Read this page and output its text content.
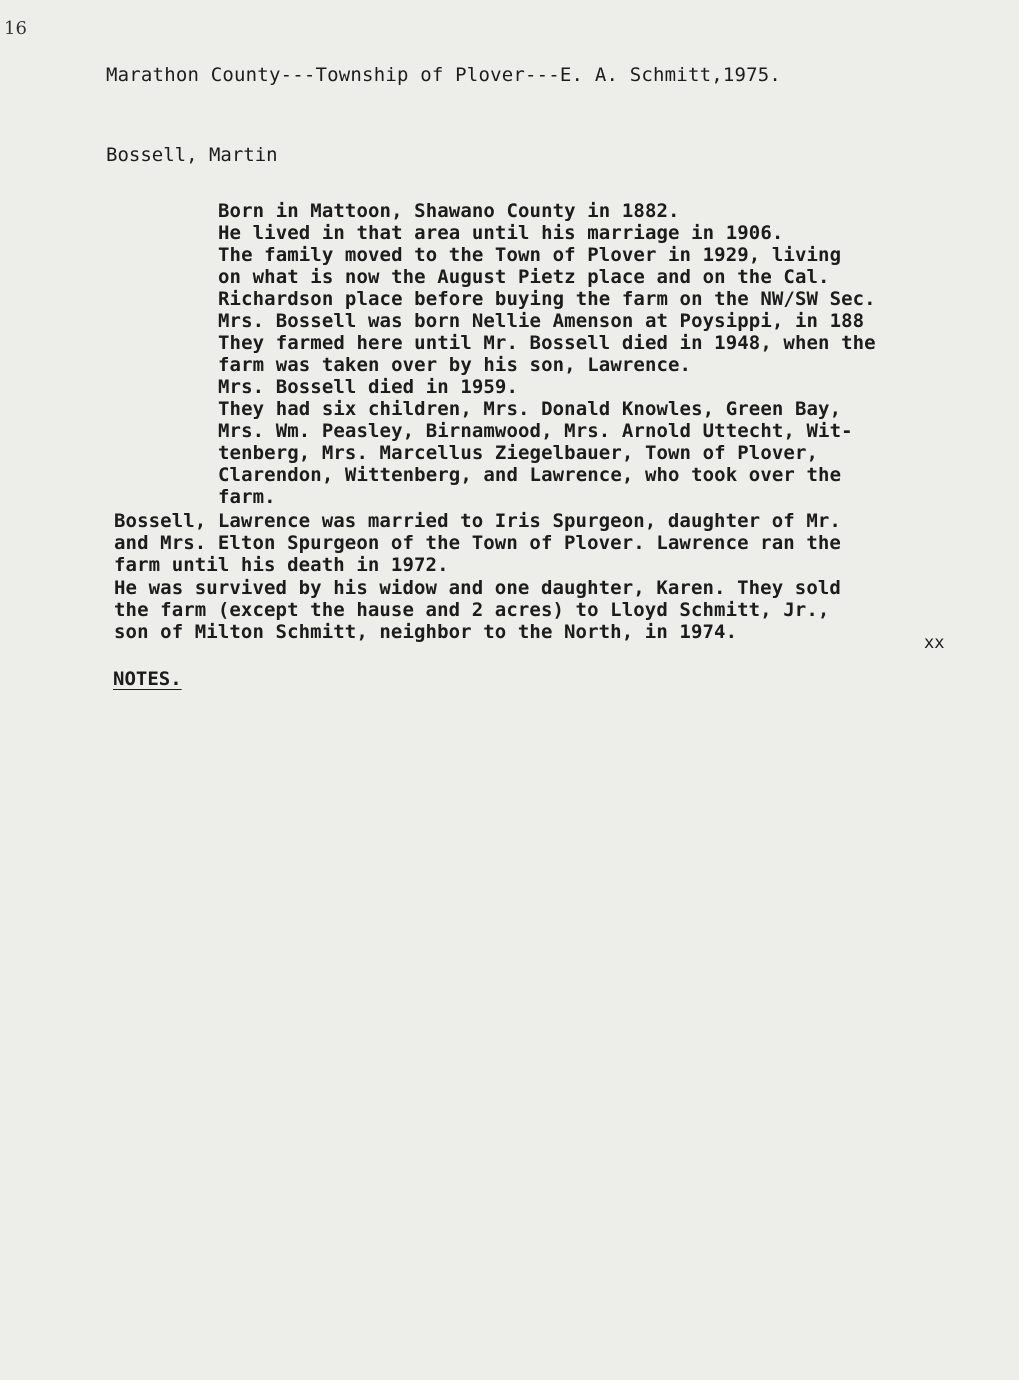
16
Marathon County---Township of Plover---E. A. Schmitt,1975.
Bossell, Martin
Born in Mattoon, Shawano County in 1882.
He lived in that area until his marriage in 1906.
The family moved to the Town of Plover in 1929, living
on what is now the August Pietz place and on the Cal.
Richardson place before buying the farm on the NW/SW Sec.
Mrs. Bossell was born Nellie Amenson at Poysippi, in 188
They farmed here until Mr. Bossell died in 1948, when the
farm was taken over by his son, Lawrence.
Mrs. Bossell died in 1959.
They had six children, Mrs. Donald Knowles, Green Bay,
Mrs. Wm. Peasley, Birnamwood, Mrs. Arnold Uttecht, Wit-
tenberg, Mrs. Marcellus Ziegelbauer, Town of Plover,
Clarendon, Wittenberg, and Lawrence, who took over the
farm.
Bossell, Lawrence was married to Iris Spurgeon, daughter of Mr.
and Mrs. Elton Spurgeon of the Town of Plover. Lawrence ran the
farm until his death in 1972.
He was survived by his widow and one daughter, Karen. They sold
the farm (except the hause and 2 acres) to Lloyd Schmitt, Jr.,
son of Milton Schmitt, neighbor to the North, in 1974.	xx
NOTES.
